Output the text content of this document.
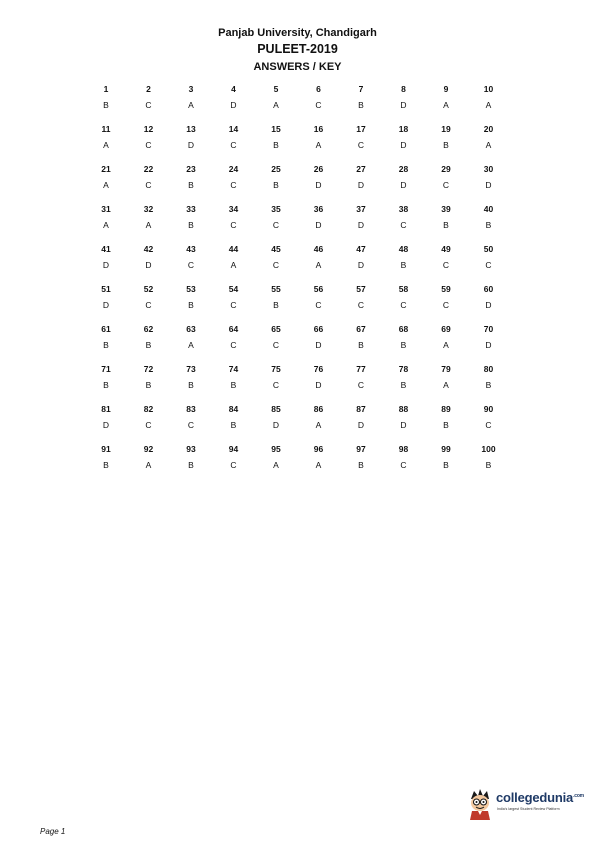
Panjab University, Chandigarh
PULEET-2019
ANSWERS / KEY
1
B
2
C
3
A
4
D
5
A
6
C
7
B
8
D
9
A
10
A
11
A
12
C
13
D
14
C
15
B
16
A
17
C
18
D
19
B
20
A
21
A
22
C
23
B
24
C
25
B
26
D
27
D
28
D
29
C
30
D
31
A
32
A
33
B
34
C
35
C
36
D
37
D
38
C
39
B
40
B
41
D
42
D
43
C
44
A
45
C
46
A
47
D
48
B
49
C
50
C
51
D
52
C
53
B
54
C
55
B
56
C
57
C
58
C
59
C
60
D
61
B
62
B
63
A
64
C
65
C
66
D
67
B
68
B
69
A
70
D
71
B
72
B
73
B
74
B
75
C
76
D
77
C
78
B
79
A
80
B
81
D
82
C
83
C
84
B
85
D
86
A
87
D
88
D
89
B
90
C
91
B
92
A
93
B
94
C
95
A
96
A
97
B
98
C
99
B
100
B
Page 1
collegedunia$^{.com}$
India's largest Student Review Platform
